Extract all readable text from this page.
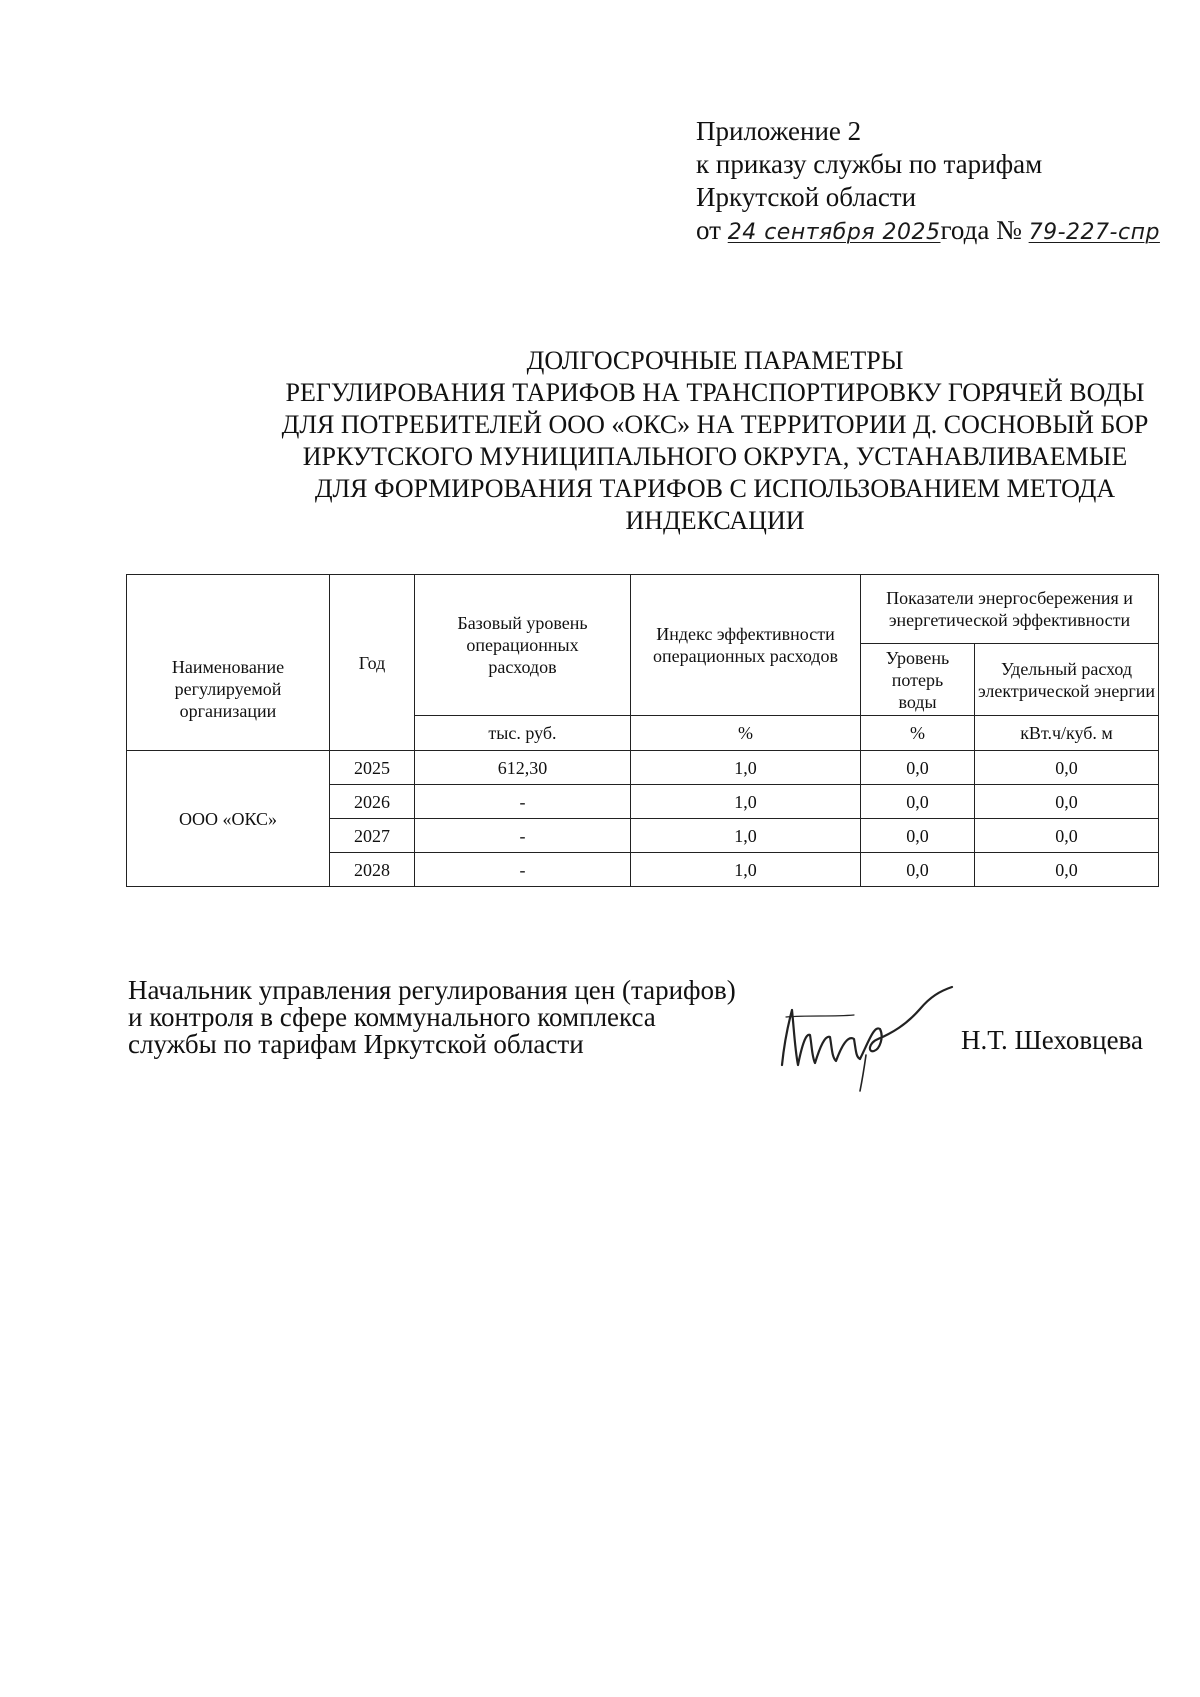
Приложение 2
к приказу службы по тарифам
Иркутской области
от 24 сентября 2025года № 79-227-спр
ДОЛГОСРОЧНЫЕ ПАРАМЕТРЫ
РЕГУЛИРОВАНИЯ ТАРИФОВ НА ТРАНСПОРТИРОВКУ ГОРЯЧЕЙ ВОДЫ
ДЛЯ ПОТРЕБИТЕЛЕЙ ООО «ОКС» НА ТЕРРИТОРИИ Д. СОСНОВЫЙ БОР
ИРКУТСКОГО МУНИЦИПАЛЬНОГО ОКРУГА, УСТАНАВЛИВАЕМЫЕ
ДЛЯ ФОРМИРОВАНИЯ ТАРИФОВ С ИСПОЛЬЗОВАНИЕМ МЕТОДА
ИНДЕКСАЦИИ
Наименование регулируемой организации	Год	Базовый уровень операционных расходов	Индекс эффективности операционных расходов	Показатели энергосбережения и энергетической эффективности	
				Уровень потерь воды	Удельный расход электрической энергии
		тыс. руб.	%	%	кВт.ч/куб. м
ООО «ОКС»	2025	612,30	1,0	0,0	0,0
	2026	-	1,0	0,0	0,0
	2027	-	1,0	0,0	0,0
	2028	-	1,0	0,0	0,0
Начальник управления регулирования цен (тарифов)
и контроля в сфере коммунального комплекса
службы по тарифам Иркутской области	Н.Т. Шеховцева
